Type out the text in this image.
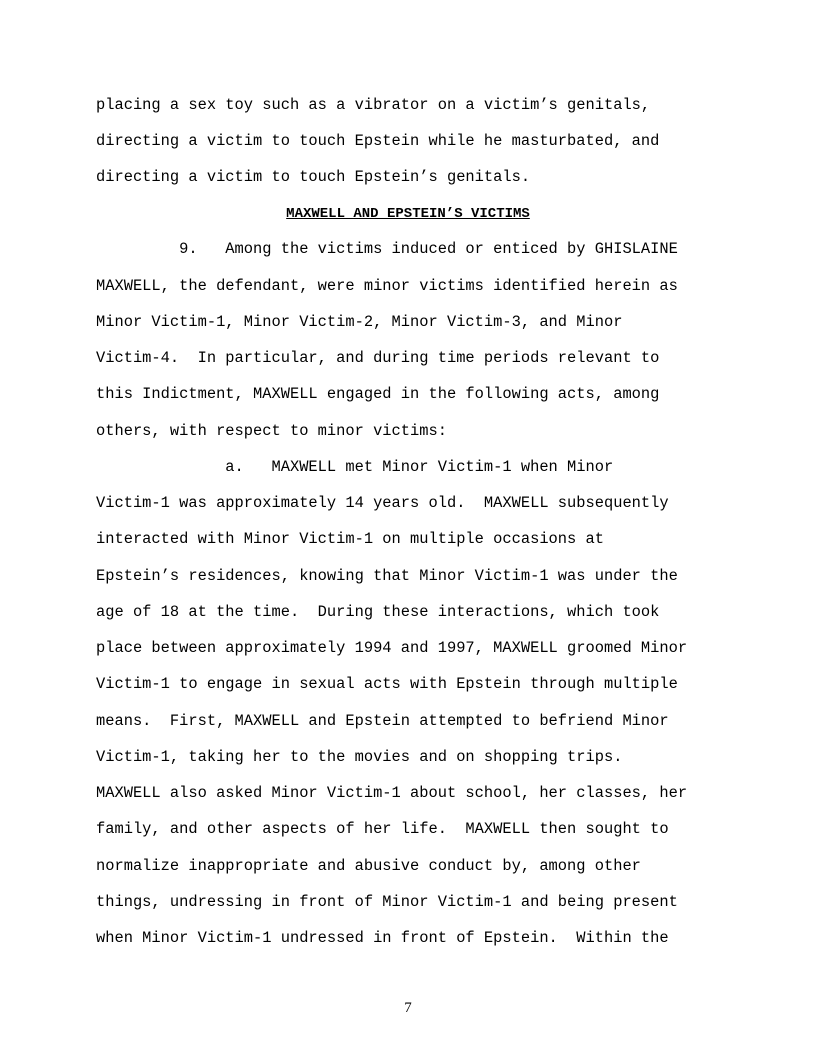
placing a sex toy such as a vibrator on a victim’s genitals,
directing a victim to touch Epstein while he masturbated, and
directing a victim to touch Epstein’s genitals.
MAXWELL AND EPSTEIN’S VICTIMS
9.   Among the victims induced or enticed by GHISLAINE
MAXWELL, the defendant, were minor victims identified herein as
Minor Victim-1, Minor Victim-2, Minor Victim-3, and Minor
Victim-4.  In particular, and during time periods relevant to
this Indictment, MAXWELL engaged in the following acts, among
others, with respect to minor victims:
a.   MAXWELL met Minor Victim-1 when Minor
Victim-1 was approximately 14 years old.  MAXWELL subsequently
interacted with Minor Victim-1 on multiple occasions at
Epstein’s residences, knowing that Minor Victim-1 was under the
age of 18 at the time.  During these interactions, which took
place between approximately 1994 and 1997, MAXWELL groomed Minor
Victim-1 to engage in sexual acts with Epstein through multiple
means.  First, MAXWELL and Epstein attempted to befriend Minor
Victim-1, taking her to the movies and on shopping trips.
MAXWELL also asked Minor Victim-1 about school, her classes, her
family, and other aspects of her life.  MAXWELL then sought to
normalize inappropriate and abusive conduct by, among other
things, undressing in front of Minor Victim-1 and being present
when Minor Victim-1 undressed in front of Epstein.  Within the
7
